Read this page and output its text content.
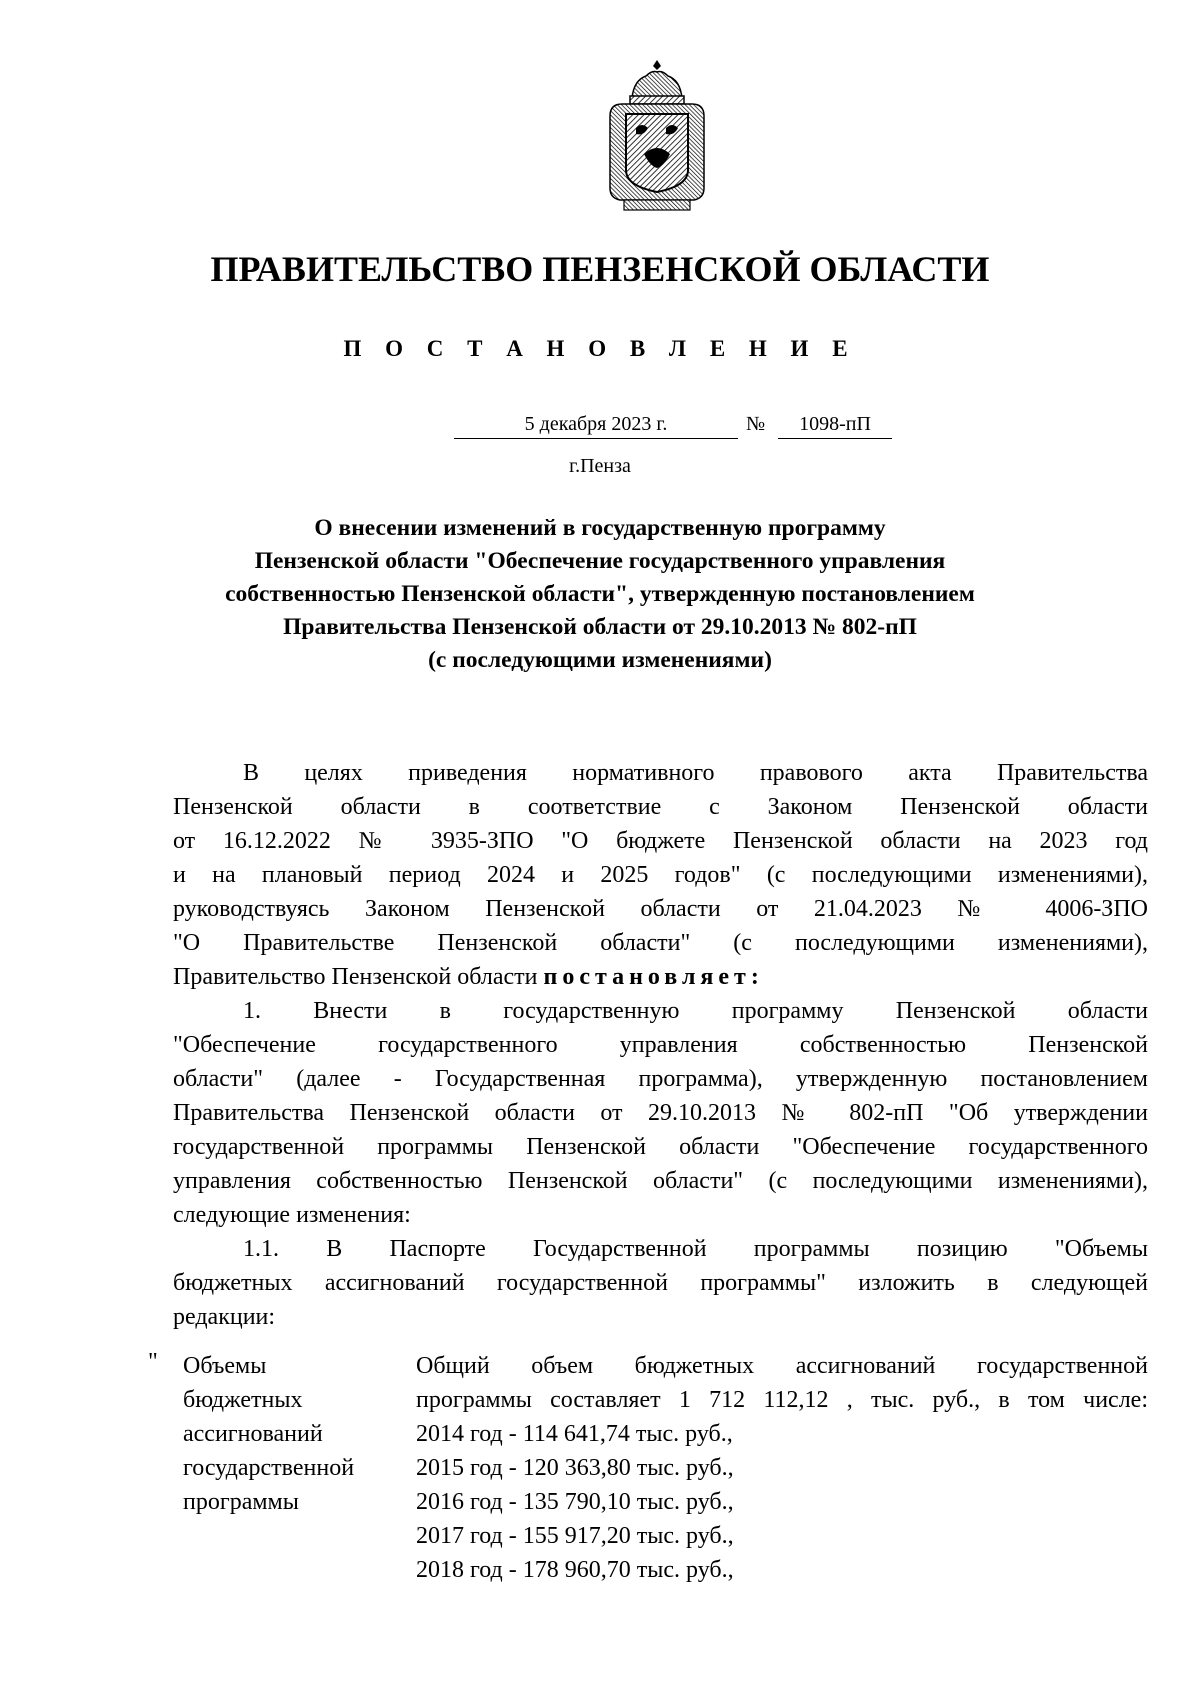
ПРАВИТЕЛЬСТВО ПЕНЗЕНСКОЙ ОБЛАСТИ
П О С Т А Н О В Л Е Н И Е
5 декабря 2023 г.	№	1098-пП
г.Пенза
О внесении изменений в государственную программу
Пензенской области "Обеспечение государственного управления
собственностью Пензенской области", утвержденную постановлением
Правительства Пензенской области от 29.10.2013 № 802-пП
(с последующими изменениями)
В целях приведения нормативного правового акта Правительства
Пензенской области в соответствие с Законом Пензенской области
от 16.12.2022 № 3935-ЗПО "О бюджете Пензенской области на 2023 год
и на плановый период 2024 и 2025 годов" (с последующими изменениями),
руководствуясь Законом Пензенской области от 21.04.2023 № 4006-ЗПО
"О Правительстве Пензенской области" (с последующими изменениями),
Правительство Пензенской области постановляет:
1. Внести в государственную программу Пензенской области
"Обеспечение государственного управления собственностью Пензенской
области" (далее - Государственная программа), утвержденную постановлением
Правительства Пензенской области от 29.10.2013 № 802-пП "Об утверждении
государственной программы Пензенской области "Обеспечение государственного
управления собственностью Пензенской области" (с последующими изменениями),
следующие изменения:
1.1. В Паспорте Государственной программы позицию "Объемы
бюджетных ассигнований государственной программы" изложить в следующей
редакции:
" Объемы
бюджетных
ассигнований
государственной
программы
Общий объем бюджетных ассигнований государственной
программы составляет 1 712 112,12 , тыс. руб., в том числе:
2014 год - 114 641,74 тыс. руб.,
2015 год - 120 363,80 тыс. руб.,
2016 год - 135 790,10 тыс. руб.,
2017 год - 155 917,20 тыс. руб.,
2018 год - 178 960,70 тыс. руб.,
